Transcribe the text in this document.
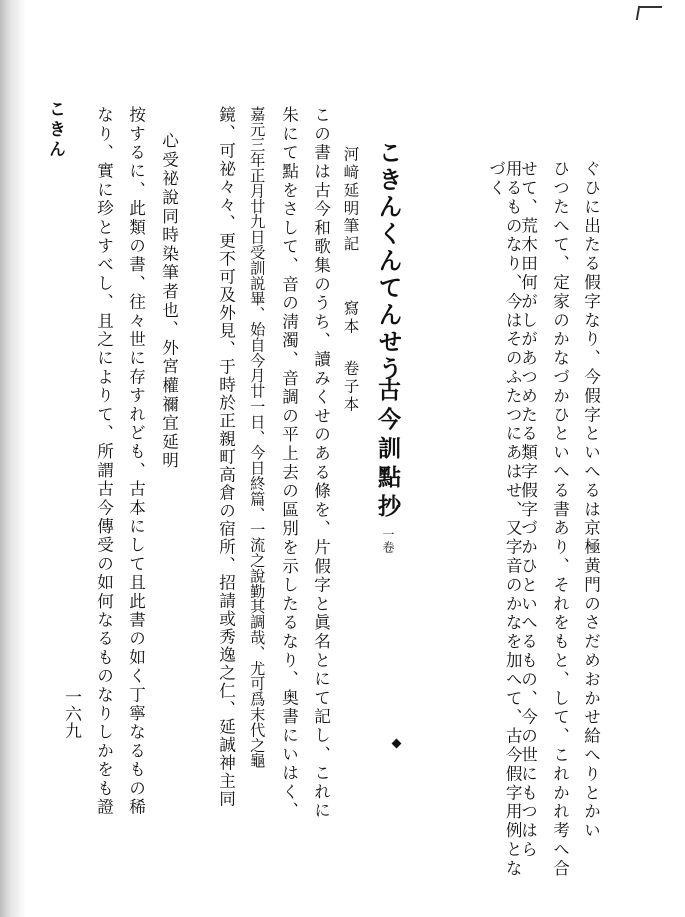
ぐひに出たる假字なり、今假字といへるは京極黄門のさだめおかせ給へりとかい
ひつたへて、定家のかなづかひといへる書あり、それをもと、して、これかれ考へ合
せて、荒木田何がしがあつめたる類字假字づかひといへるもの、今の世にもつはら
用るものなり、今はそのふたつにあはせ、又字音のかなを加へて、古今假字用例となづく
こきんくんてんせう
古今訓點抄
一卷
河﨑延明筆記
寫本
卷子本
この書は古今和歌集のうち、讀みくせのある條を、片假字と眞名とにて記し、これに
朱にて點をさして、音の淸濁、音調の平上去の區別を示したるなり、奥書にいはく、
嘉元三年正月廿九日受訓説畢、始自今月廿一日、今日終篇、一流之說勤其調哉、尤可爲末代之龜
鏡、可祕々々、更不可及外見、于時於正親町高倉の宿所、招請或秀逸之仁、延誠神主同
心受祕說同時染筆者也、外宮權禰宜延明
按するに、此類の書、往々世に存すれども、古本にして且此書の如く丁寧なるもの稀
なり、實に珍とすべし、且之によりて、所謂古今傳受の如何なるものなりしかをも證
こきん
一六九
